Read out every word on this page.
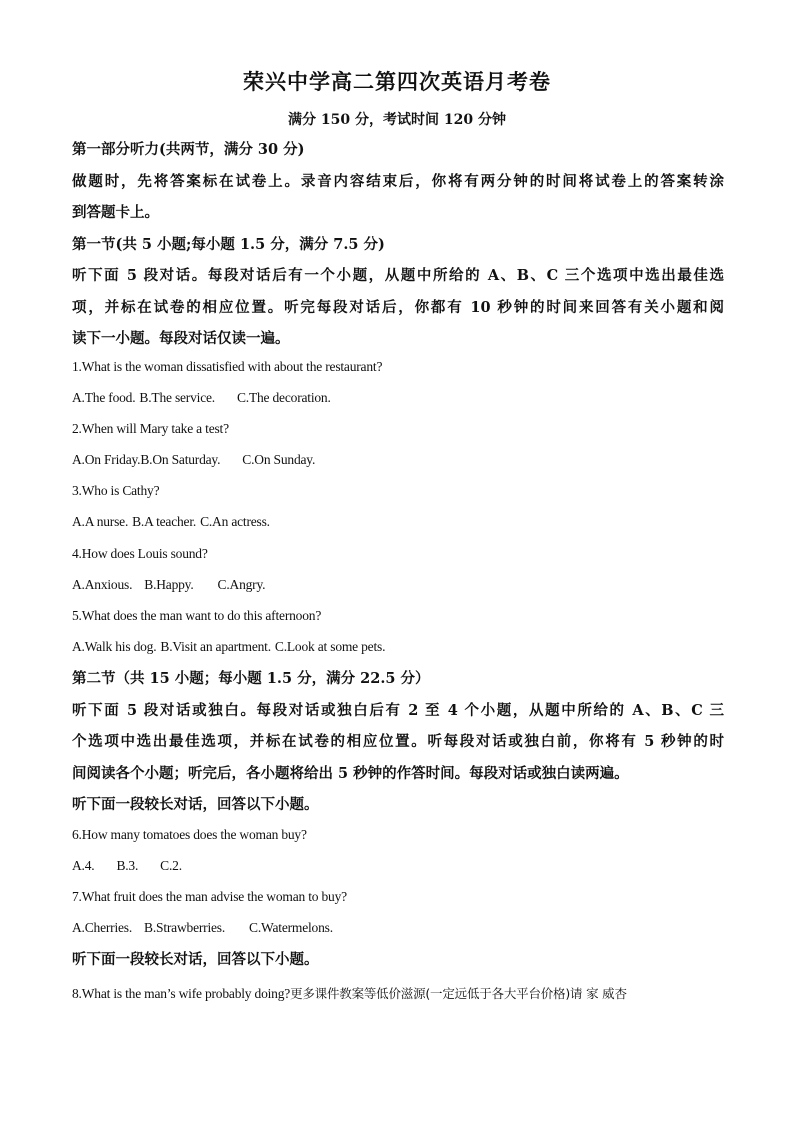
荣兴中学高二第四次英语月考卷
满分 150 分，考试时间 120 分钟
第一部分听力(共两节，满分 30 分)
做题时，先将答案标在试卷上。录音内容结束后，你将有两分钟的时间将试卷上的答案转涂
到答题卡上。
第一节(共 5 小题;每小题 1.5 分，满分 7.5 分)
听下面 5 段对话。每段对话后有一个小题，从题中所给的 A、B、C 三个选项中选出最佳选
项，并标在试卷的相应位置。听完每段对话后，你都有 10 秒钟的时间来回答有关小题和阅
读下一小题。每段对话仅读一遍。
1.What is the woman dissatisfied with about the restaurant?
A.The food. B.The service. C.The decoration.
2.When will Mary take a test?
A.On Friday.B.On Saturday. C.On Sunday.
3.Who is Cathy?
A.A nurse. B.A teacher. C.An actress.
4.How does Louis sound?
A.Anxious. B.Happy. C.Angry.
5.What does the man want to do this afternoon?
A.Walk his dog. B.Visit an apartment. C.Look at some pets.
第二节（共 15 小题；每小题 1.5 分，满分 22.5 分）
听下面 5 段对话或独白。每段对话或独白后有 2 至 4 个小题，从题中所给的 A、B、C 三
个选项中选出最佳选项，并标在试卷的相应位置。听每段对话或独白前，你将有 5 秒钟的时
间阅读各个小题；听完后，各小题将给出 5 秒钟的作答时间。每段对话或独白读两遍。
听下面一段较长对话，回答以下小题。
6.How many tomatoes does the woman buy?
A.4. B.3. C.2.
7.What fruit does the man advise the woman to buy?
A.Cherries. B.Strawberries. C.Watermelons.
听下面一段较长对话，回答以下小题。
8.What is the man’s wife probably doing?更多课件教案等低价滋源(一定远低于各大平台价格)请 家 威杏
